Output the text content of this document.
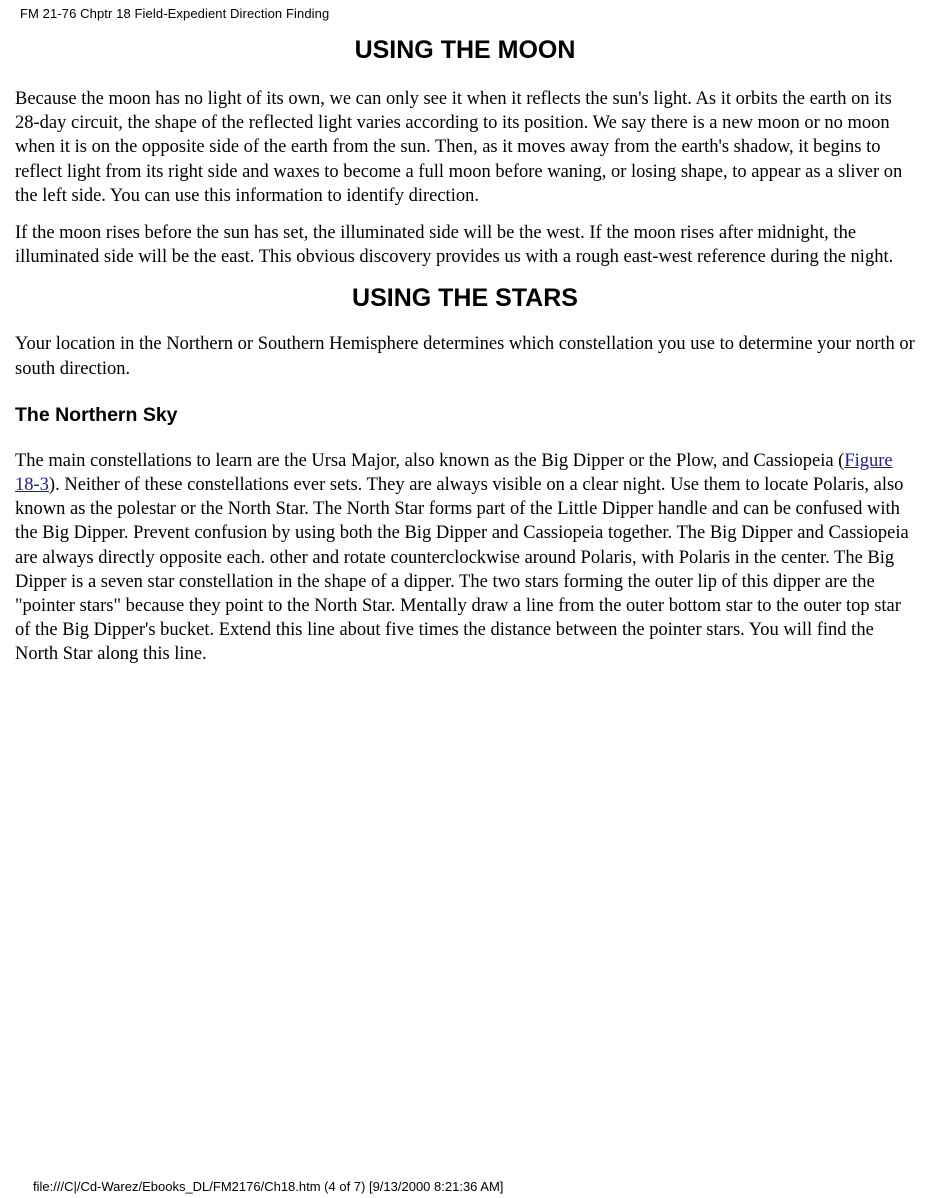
FM 21-76 Chptr 18 Field-Expedient Direction Finding
USING THE MOON

Because the moon has no light of its own, we can only see it when it reflects the sun's light. As it orbits the earth on its 28-day circuit, the shape of the reflected light varies according to its position. We say there is a new moon or no moon when it is on the opposite side of the earth from the sun. Then, as it moves away from the earth's shadow, it begins to reflect light from its right side and waxes to become a full moon before waning, or losing shape, to appear as a sliver on the left side. You can use this information to identify direction.

If the moon rises before the sun has set, the illuminated side will be the west. If the moon rises after midnight, the illuminated side will be the east. This obvious discovery provides us with a rough east-west reference during the night.

USING THE STARS

Your location in the Northern or Southern Hemisphere determines which constellation you use to determine your north or south direction.

The Northern Sky

The main constellations to learn are the Ursa Major, also known as the Big Dipper or the Plow, and Cassiopeia (Figure 18-3). Neither of these constellations ever sets. They are always visible on a clear night. Use them to locate Polaris, also known as the polestar or the North Star. The North Star forms part of the Little Dipper handle and can be confused with the Big Dipper. Prevent confusion by using both the Big Dipper and Cassiopeia together. The Big Dipper and Cassiopeia are always directly opposite each. other and rotate counterclockwise around Polaris, with Polaris in the center. The Big Dipper is a seven star constellation in the shape of a dipper. The two stars forming the outer lip of this dipper are the "pointer stars" because they point to the North Star. Mentally draw a line from the outer bottom star to the outer top star of the Big Dipper's bucket. Extend this line about five times the distance between the pointer stars. You will find the North Star along this line.

file:///C|/Cd-Warez/Ebooks_DL/FM2176/Ch18.htm (4 of 7) [9/13/2000 8:21:36 AM]
